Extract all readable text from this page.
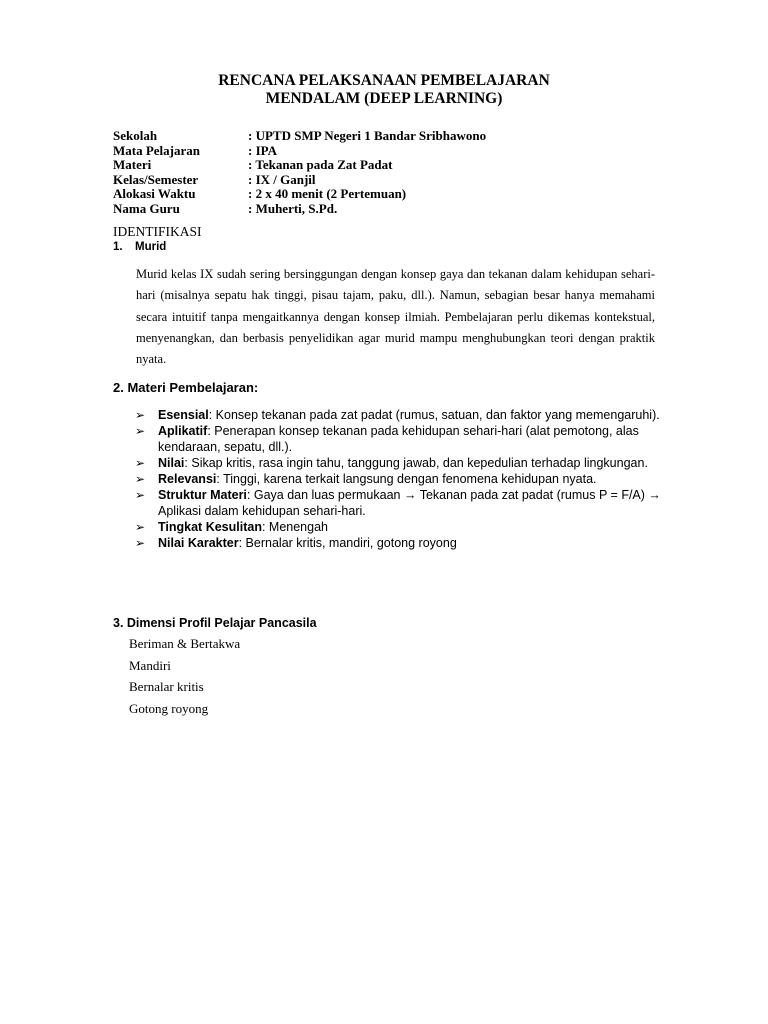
RENCANA PELAKSANAAN PEMBELAJARAN
MENDALAM (DEEP LEARNING)
Sekolah	: UPTD SMP Negeri 1 Bandar Sribhawono
Mata Pelajaran	: IPA
Materi	: Tekanan pada Zat Padat
Kelas/Semester	: IX / Ganjil
Alokasi Waktu	: 2 x 40 menit (2 Pertemuan)
Nama Guru	: Muherti, S.Pd.
IDENTIFIKASI
1. Murid
Murid kelas IX sudah sering bersinggungan dengan konsep gaya dan tekanan dalam kehidupan sehari-hari (misalnya sepatu hak tinggi, pisau tajam, paku, dll.). Namun, sebagian besar hanya memahami secara intuitif tanpa mengaitkannya dengan konsep ilmiah. Pembelajaran perlu dikemas kontekstual, menyenangkan, dan berbasis penyelidikan agar murid mampu menghubungkan teori dengan praktik nyata.
2. Materi Pembelajaran:
➢ Esensial: Konsep tekanan pada zat padat (rumus, satuan, dan faktor yang memengaruhi).
➢ Aplikatif: Penerapan konsep tekanan pada kehidupan sehari-hari (alat pemotong, alas kendaraan, sepatu, dll.).
➢ Nilai: Sikap kritis, rasa ingin tahu, tanggung jawab, dan kepedulian terhadap lingkungan.
➢ Relevansi: Tinggi, karena terkait langsung dengan fenomena kehidupan nyata.
➢ Struktur Materi: Gaya dan luas permukaan → Tekanan pada zat padat (rumus P = F/A) → Aplikasi dalam kehidupan sehari-hari.
➢ Tingkat Kesulitan: Menengah
➢ Nilai Karakter: Bernalar kritis, mandiri, gotong royong
3. Dimensi Profil Pelajar Pancasila
Beriman & Bertakwa
Mandiri
Bernalar kritis
Gotong royong
